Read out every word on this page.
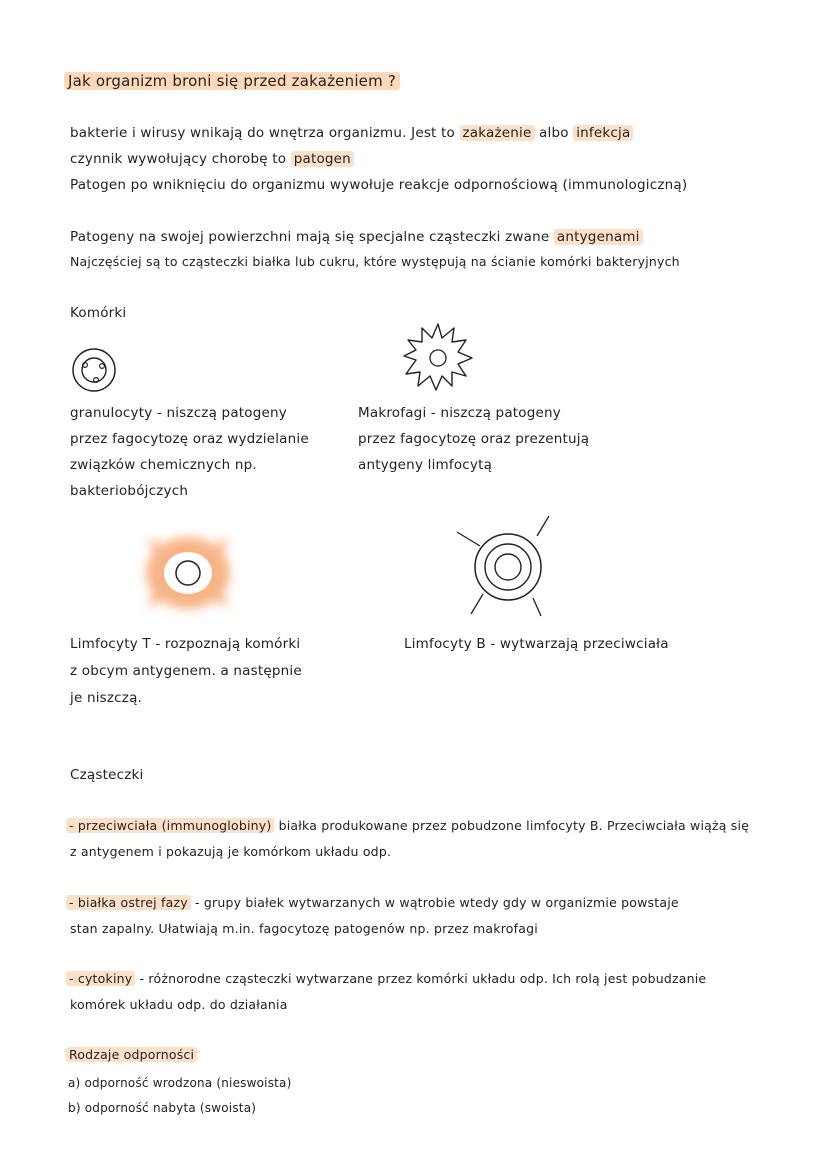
Jak organizm broni się przed zakażeniem ?
bakterie i wirusy wnikają do wnętrza organizmu. Jest to zakażenie albo infekcja
czynnik wywołujący chorobę to patogen
Patogen po wniknięciu do organizmu wywołuje reakcje odpornościową (immunologiczną)
Patogeny na swojej powierzchni mają się specjalne cząsteczki zwane antygenami
Najczęściej są to cząsteczki białka lub cukru, które występują na ścianie komórki bakteryjnych
Komórki
granulocyty - niszczą patogeny
przez fagocytozę oraz wydzielanie
związków chemicznych np.
bakteriobójczych
Makrofagi - niszczą patogeny
przez fagocytozę oraz prezentują
antygeny limfocytą
Limfocyty T - rozpoznają komórki
z obcym antygenem. a następnie
je niszczą.
Limfocyty B - wytwarzają przeciwciała
Cząsteczki
- przeciwciała (immunoglobiny) białka produkowane przez pobudzone limfocyty B. Przeciwciała wiążą się
z antygenem i pokazują je komórkom układu odp.
- białka ostrej fazy - grupy białek wytwarzanych w wątrobie wtedy gdy w organizmie powstaje
stan zapalny. Ułatwiają m.in. fagocytozę patogenów np. przez makrofagi
- cytokiny - różnorodne cząsteczki wytwarzane przez komórki układu odp. Ich rolą jest pobudzanie
komórek układu odp. do działania
Rodzaje odporności
a) odporność wrodzona (nieswoista)
b) odporność nabyta (swoista)
